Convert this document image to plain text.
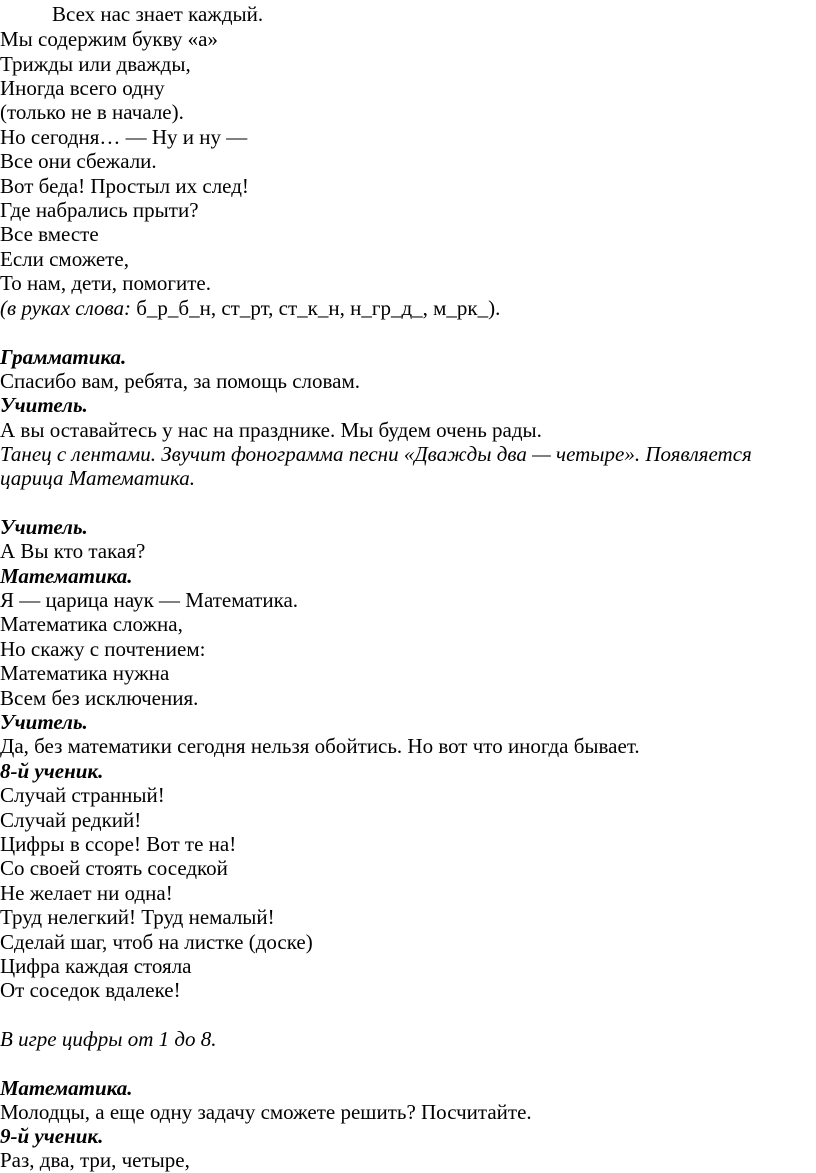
Всех нас знает каждый.
Мы содержим букву «а»
Трижды или дважды,
Иногда всего одну
(только не в начале).
Но сегодня… — Ну и ну —
Все они сбежали.
Вот беда! Простыл их след!
Где набрались прыти?
Все вместе
Если сможете,
То нам, дети, помогите.
(в руках слова: б_р_б_н, ст_рт, ст_к_н, н_гр_д_, м_рк_).
Грамматика.
Спасибо вам, ребята, за помощь словам.
Учитель.
А вы оставайтесь у нас на празднике. Мы будем очень рады.
Танец с лентами. Звучит фонограмма песни «Дважды два — четыре». Появляется
царица Математика.
Учитель.
А Вы кто такая?
Математика.
Я — царица наук — Математика.
Математика сложна,
Но скажу с почтением:
Математика нужна
Всем без исключения.
Учитель.
Да, без математики сегодня нельзя обойтись. Но вот что иногда бывает.
8-й ученик.
Случай странный!
Случай редкий!
Цифры в ссоре! Вот те на!
Со своей стоять соседкой
Не желает ни одна!
Труд нелегкий! Труд немалый!
Сделай шаг, чтоб на листке (доске)
Цифра каждая стояла
От соседок вдалеке!
В игре цифры от 1 до 8.
Математика.
Молодцы, а еще одну задачу сможете решить? Посчитайте.
9-й ученик.
Раз, два, три, четыре,
